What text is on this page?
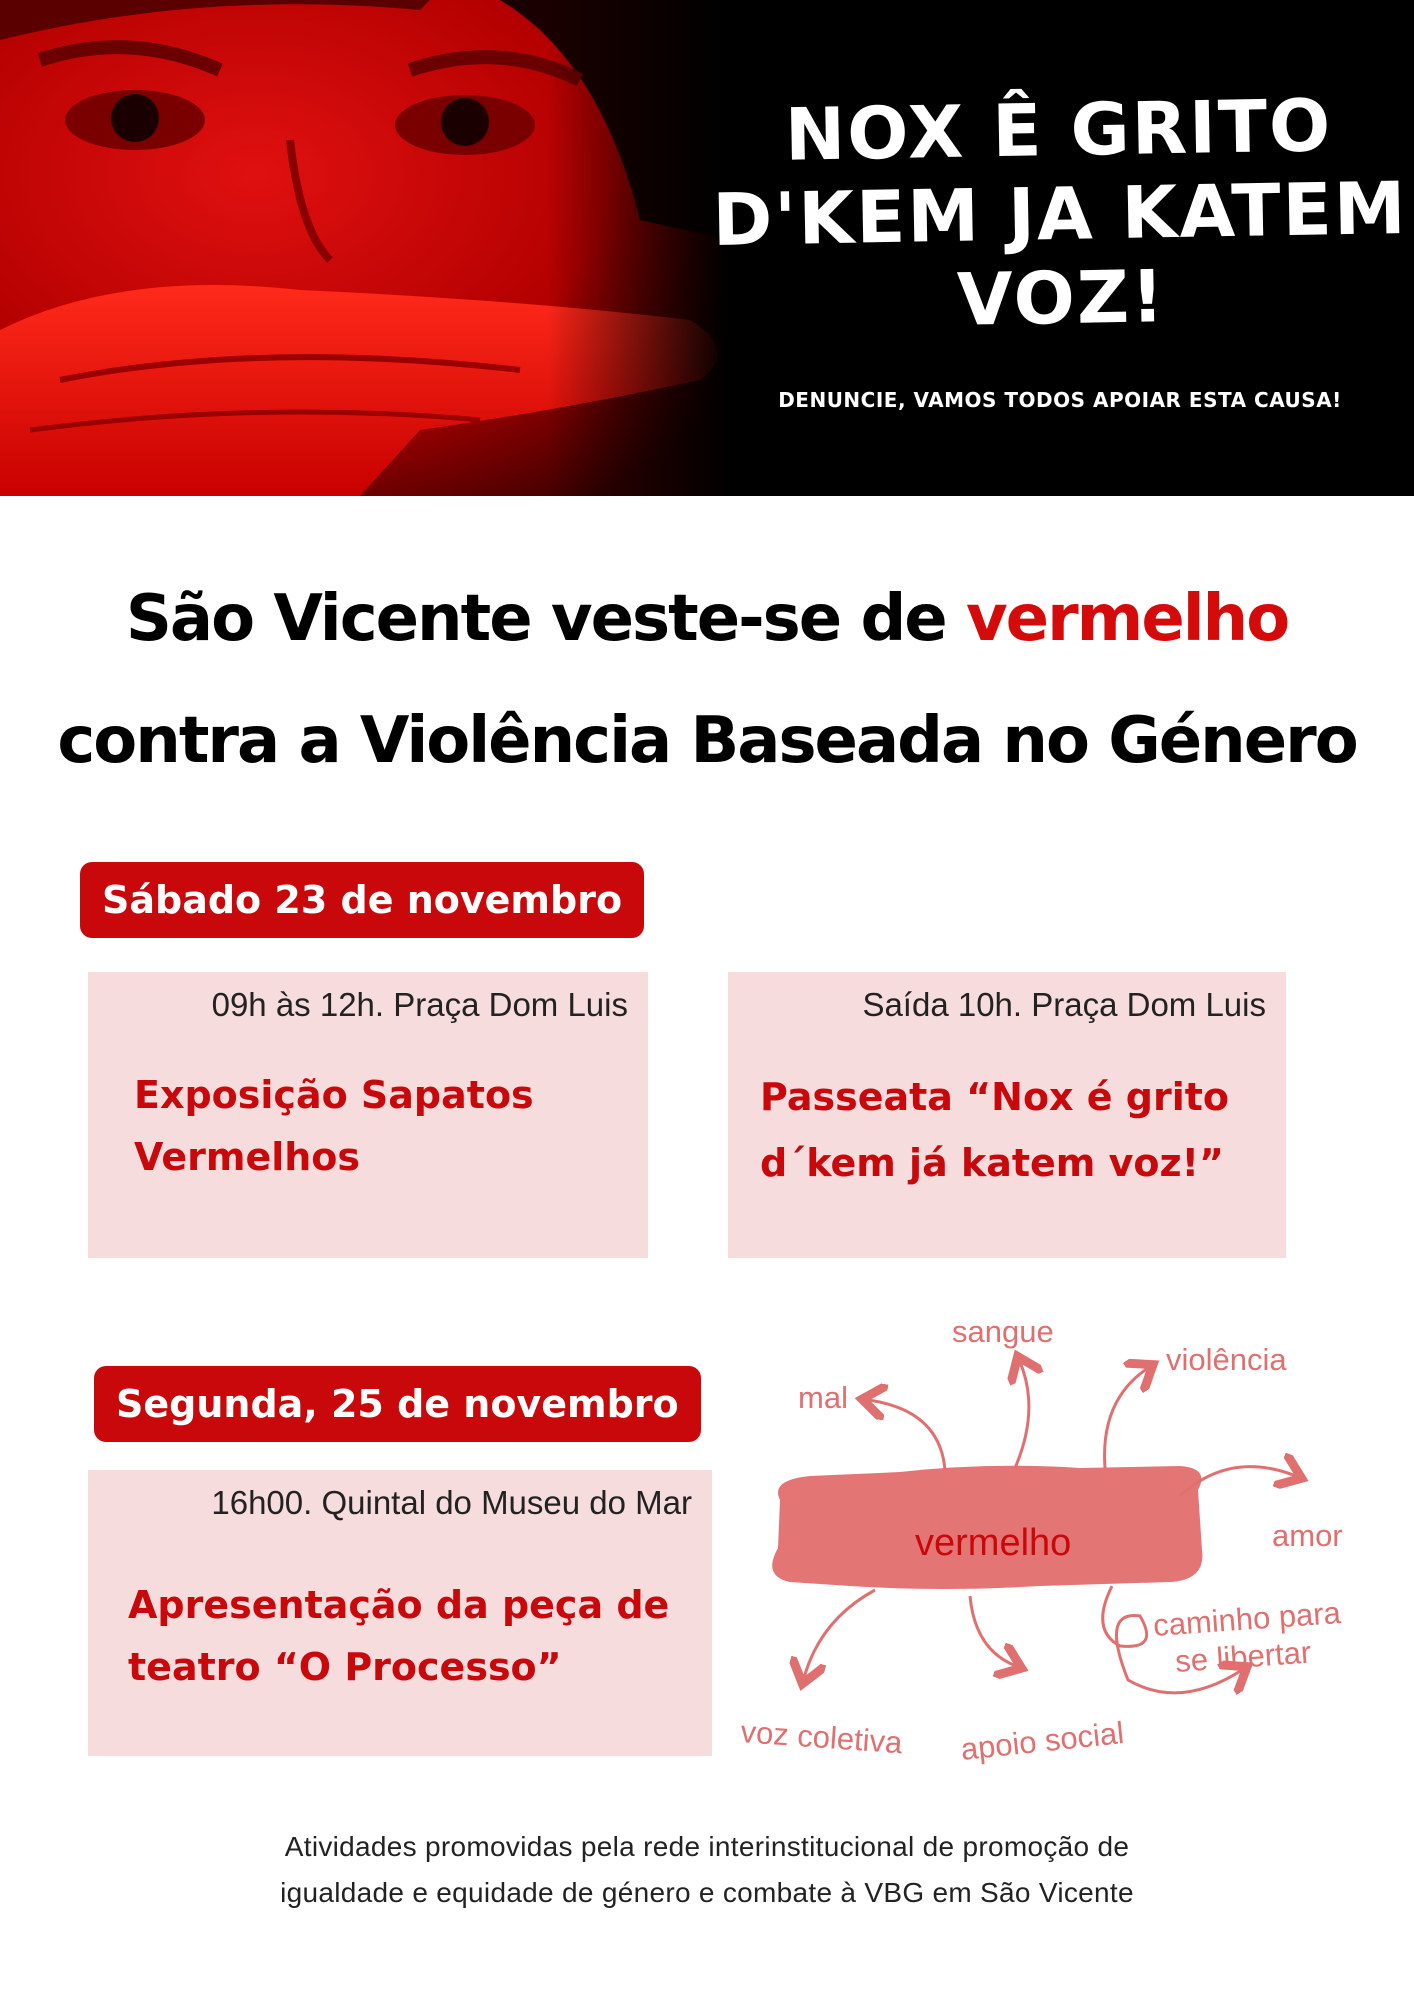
NOX Ê GRITO
D'KEM JA KATEM
VOZ!
DENUNCIE, VAMOS TODOS APOIAR ESTA CAUSA!
São Vicente veste-se de vermelho
contra a Violência Baseada no Género
Sábado 23 de novembro
09h às 12h. Praça Dom Luis
Exposição Sapatos
Vermelhos
Saída 10h. Praça Dom Luis
Passeata “Nox é grito
d´kem já katem voz!”
Segunda, 25 de novembro
16h00. Quintal do Museu do Mar
Apresentação da peça de
teatro “O Processo”
vermelho
sangue
violência
mal
amor
caminho para
se libertar
voz coletiva apoio social

Atividades promovidas pela rede interinstitucional de promoção de
igualdade e equidade de género e combate à VBG em São Vicente
